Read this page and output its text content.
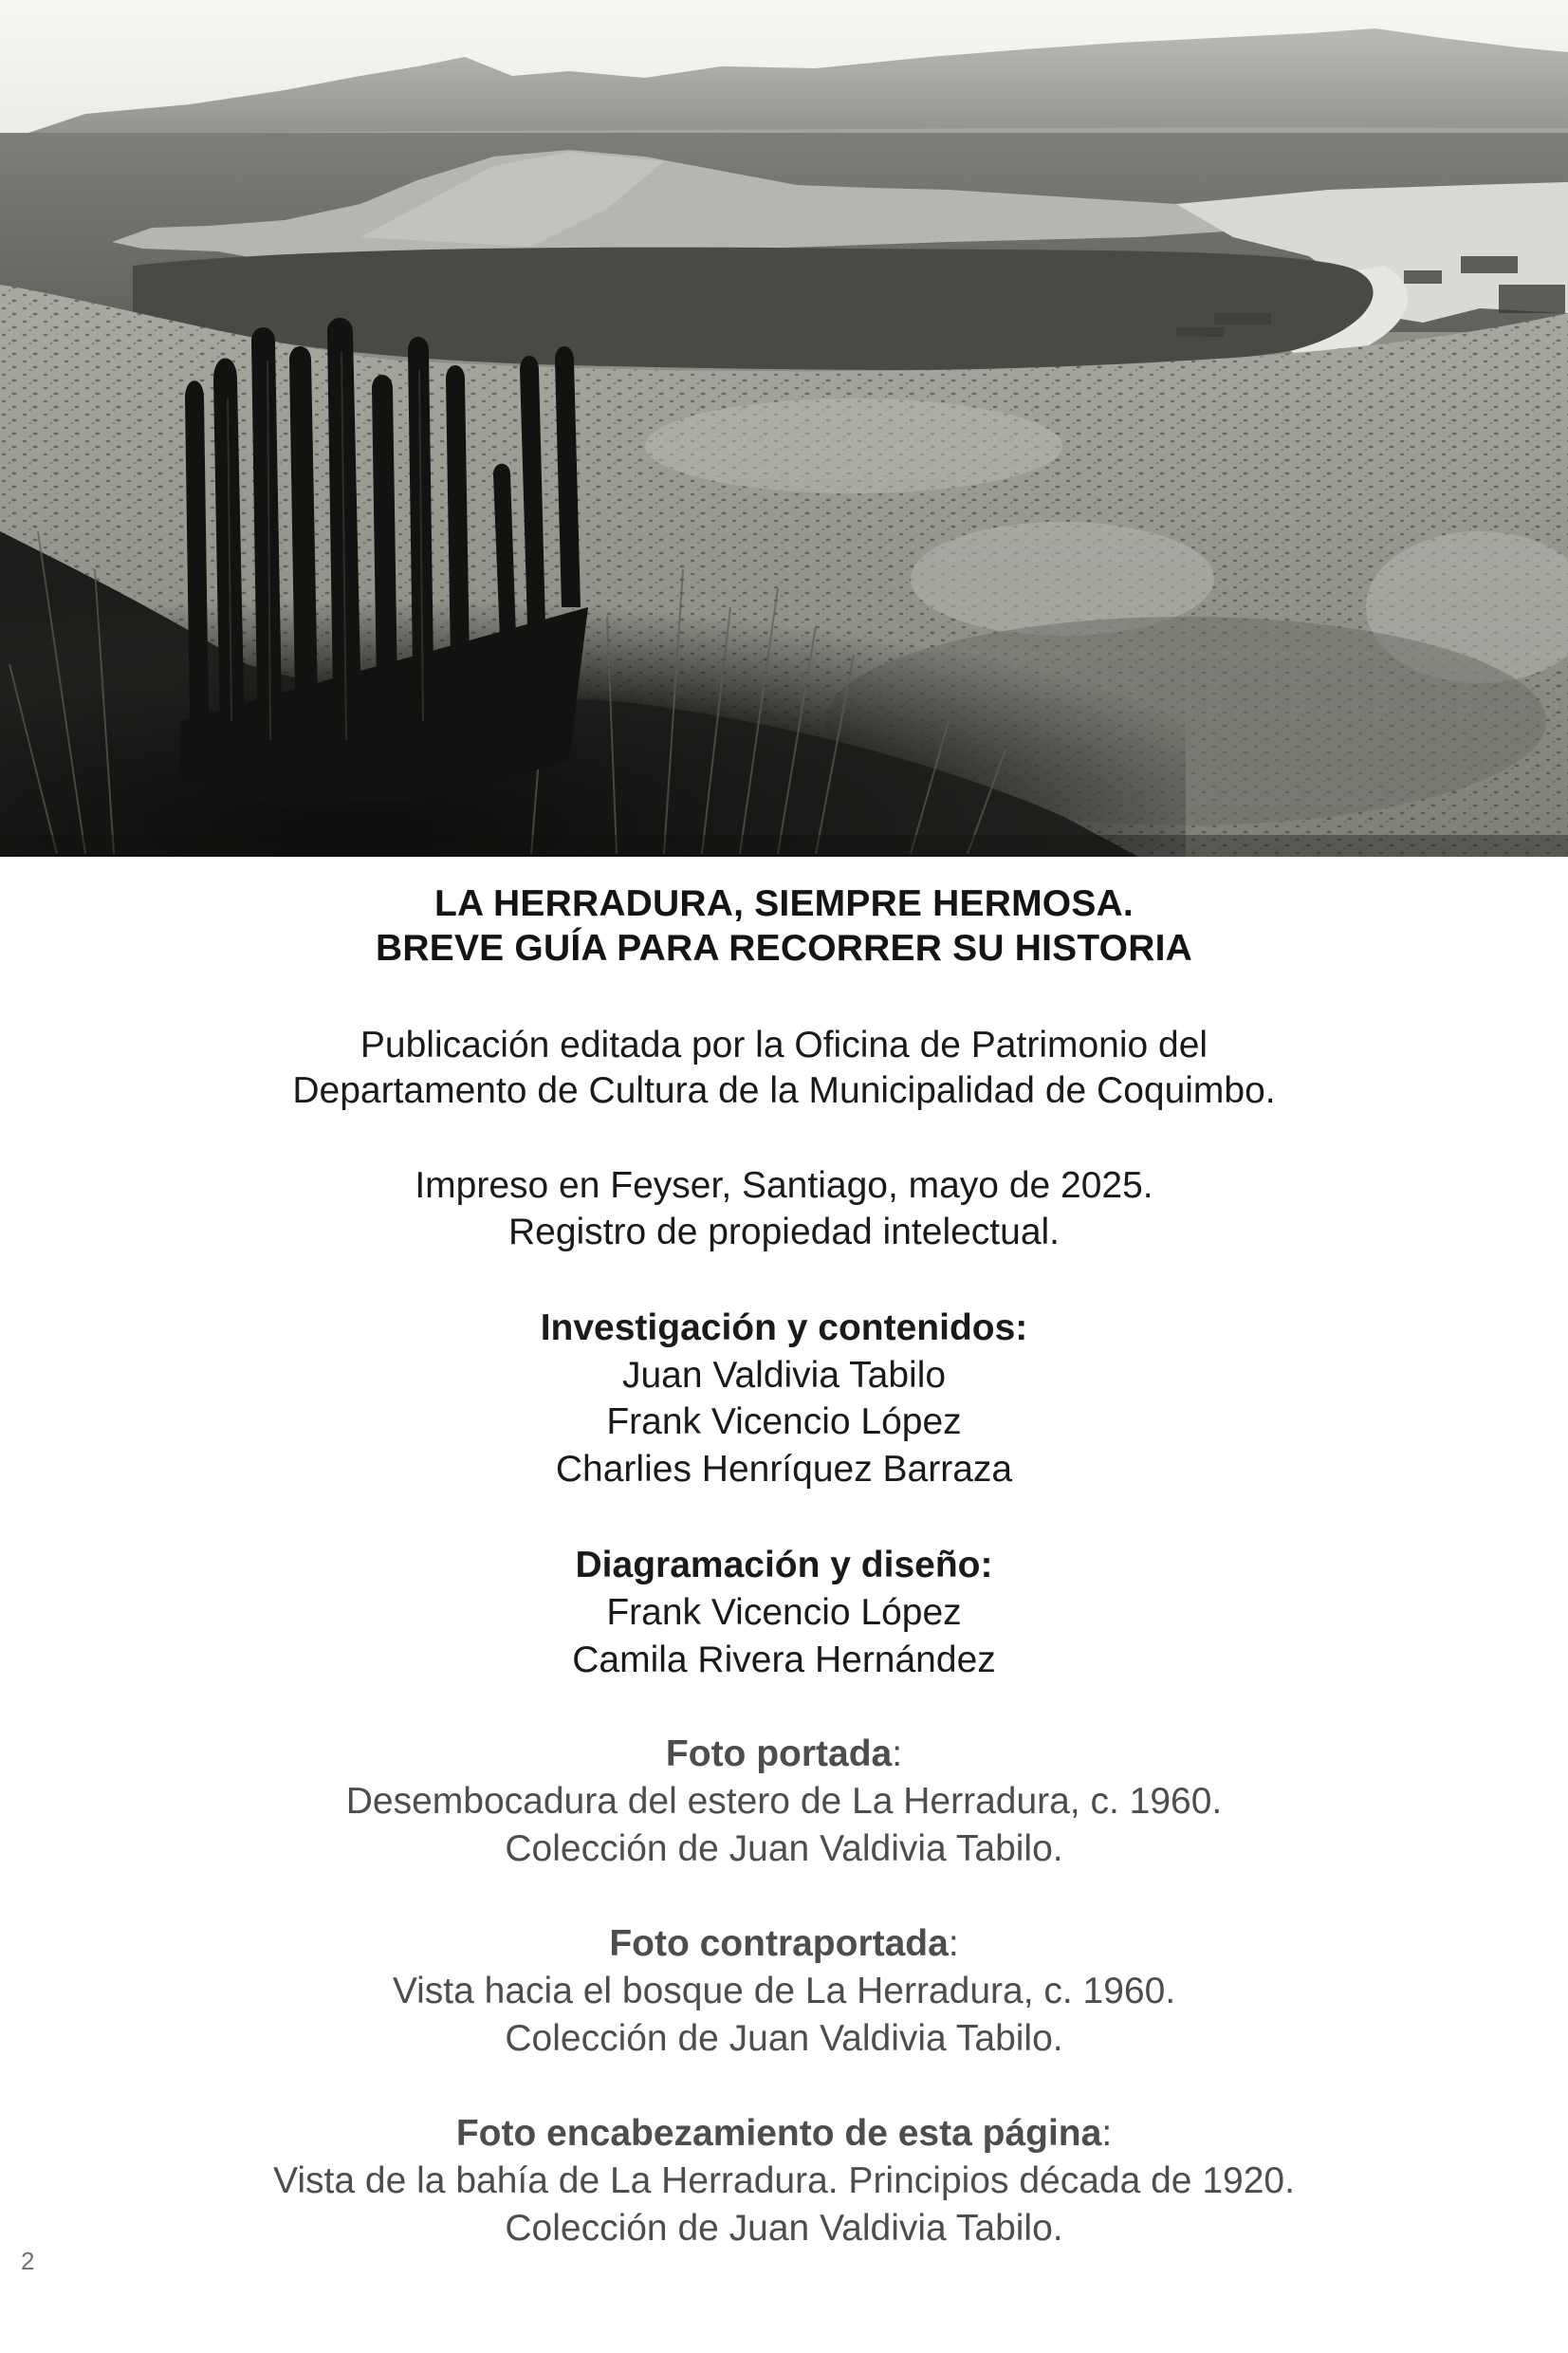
LA HERRADURA, SIEMPRE HERMOSA.
BREVE GUÍA PARA RECORRER SU HISTORIA
Publicación editada por la Oficina de Patrimonio del
Departamento de Cultura de la Municipalidad de Coquimbo.
Impreso en Feyser, Santiago, mayo de 2025.
Registro de propiedad intelectual.
Investigación y contenidos:
Juan Valdivia Tabilo
Frank Vicencio López
Charlies Henríquez Barraza
Diagramación y diseño:
Frank Vicencio López
Camila Rivera Hernández
Foto portada:
Desembocadura del estero de La Herradura, c. 1960.
Colección de Juan Valdivia Tabilo.
Foto contraportada:
Vista hacia el bosque de La Herradura, c. 1960.
Colección de Juan Valdivia Tabilo.
Foto encabezamiento de esta página:
Vista de la bahía de La Herradura. Principios década de 1920.
Colección de Juan Valdivia Tabilo.
2
